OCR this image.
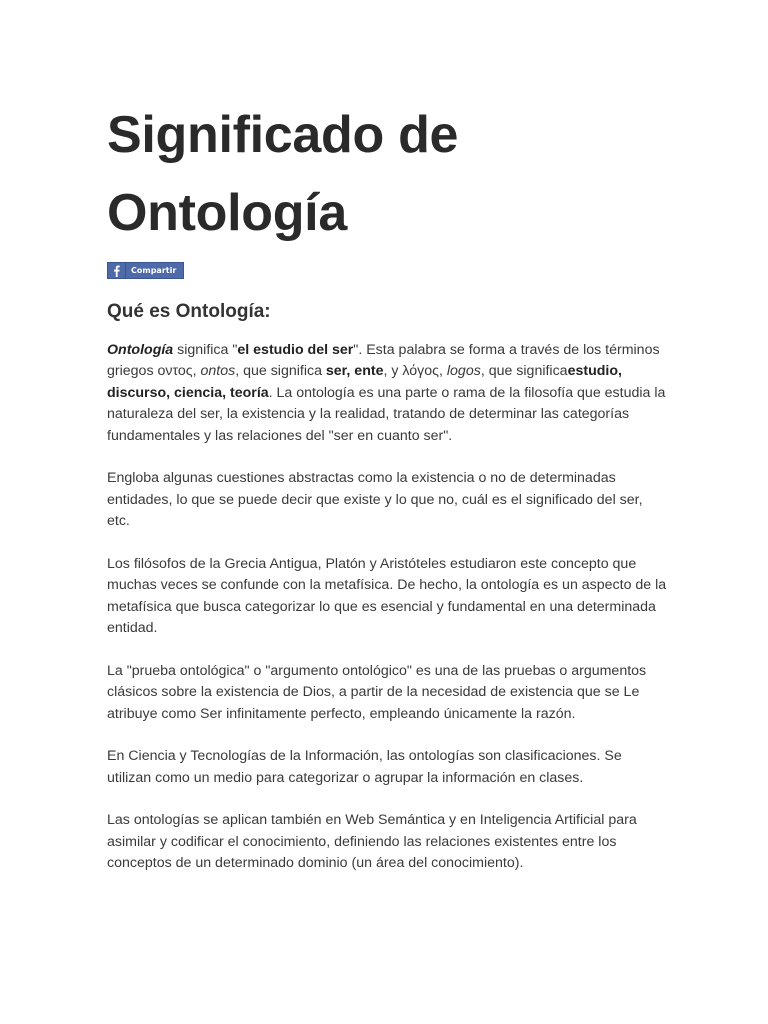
Significado de
Ontología
Compartir
Qué es Ontología:

Ontología significa "el estudio del ser". Esta palabra se forma a través de los términos griegos οντος, ontos, que significa ser, ente, y λόγος, logos, que significaestudio, discurso, ciencia, teoría. La ontología es una parte o rama de la filosofía que estudia la naturaleza del ser, la existencia y la realidad, tratando de determinar las categorías fundamentales y las relaciones del "ser en cuanto ser".

Engloba algunas cuestiones abstractas como la existencia o no de determinadas entidades, lo que se puede decir que existe y lo que no, cuál es el significado del ser, etc.

Los filósofos de la Grecia Antigua, Platón y Aristóteles estudiaron este concepto que muchas veces se confunde con la metafísica. De hecho, la ontología es un aspecto de la metafísica que busca categorizar lo que es esencial y fundamental en una determinada entidad.

La "prueba ontológica" o "argumento ontológico" es una de las pruebas o argumentos clásicos sobre la existencia de Dios, a partir de la necesidad de existencia que se Le atribuye como Ser infinitamente perfecto, empleando únicamente la razón.

En Ciencia y Tecnologías de la Información, las ontologías son clasificaciones. Se utilizan como un medio para categorizar o agrupar la información en clases.

Las ontologías se aplican también en Web Semántica y en Inteligencia Artificial para asimilar y codificar el conocimiento, definiendo las relaciones existentes entre los conceptos de un determinado dominio (un área del conocimiento).
